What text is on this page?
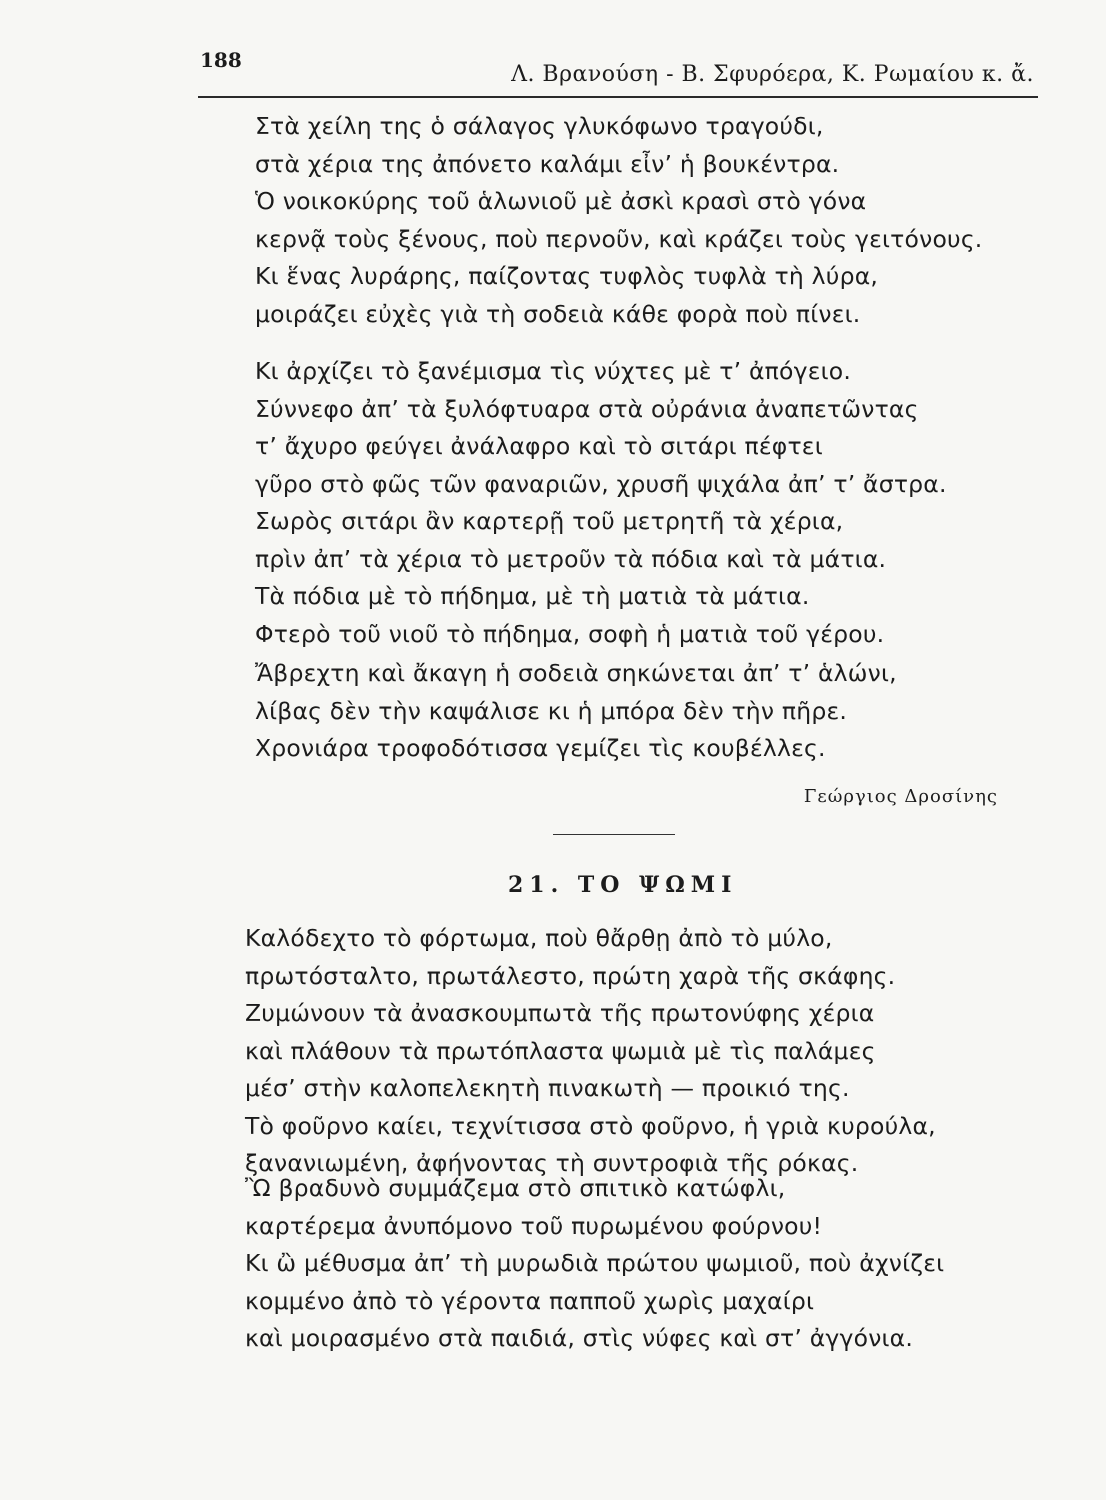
188
Λ. Βρανούση - Β. Σφυρόερα, Κ. Ρωμαίου κ. ἄ.
Στὰ χείλη της ὁ σάλαγος γλυκόφωνο τραγούδι,
στὰ χέρια της ἀπόνετο καλάμι εἶν’ ἡ βουκέντρα.
Ὁ νοικοκύρης τοῦ ἁλωνιοῦ μὲ ἀσκὶ κρασὶ στὸ γόνα
κερνᾷ τοὺς ξένους, ποὺ περνοῦν, καὶ κράζει τοὺς γειτόνους.
Κι ἕνας λυράρης, παίζοντας τυφλὸς τυφλὰ τὴ λύρα,
μοιράζει εὐχὲς γιὰ τὴ σοδειὰ κάθε φορὰ ποὺ πίνει.
Κι ἀρχίζει τὸ ξανέμισμα τὶς νύχτες μὲ τ’ ἀπόγειο.
Σύννεφο ἀπ’ τὰ ξυλόφτυαρα στὰ οὐράνια ἀναπετῶντας
τ’ ἄχυρο φεύγει ἀνάλαφρο καὶ τὸ σιτάρι πέφτει
γῦρο στὸ φῶς τῶν φαναριῶν, χρυσῆ ψιχάλα ἀπ’ τ’ ἄστρα.
Σωρὸς σιτάρι ἂν καρτερῇ τοῦ μετρητῆ τὰ χέρια,
πρὶν ἀπ’ τὰ χέρια τὸ μετροῦν τὰ πόδια καὶ τὰ μάτια.
Τὰ πόδια μὲ τὸ πήδημα, μὲ τὴ ματιὰ τὰ μάτια.
Φτερὸ τοῦ νιοῦ τὸ πήδημα, σοφὴ ἡ ματιὰ τοῦ γέρου.
Ἄβρεχτη καὶ ἄκαγη ἡ σοδειὰ σηκώνεται ἀπ’ τ’ ἁλώνι,
λίβας δὲν τὴν καψάλισε κι ἡ μπόρα δὲν τὴν πῆρε.
Χρονιάρα τροφοδότισσα γεμίζει τὶς κουβέλλες.
Γεώργιος Δροσίνης
21. ΤΟ ΨΩΜΙ
Καλόδεχτο τὸ φόρτωμα, ποὺ θἄρθῃ ἀπὸ τὸ μύλο,
πρωτόσταλτο, πρωτάλεστο, πρώτη χαρὰ τῆς σκάφης.
Ζυμώνουν τὰ ἀνασκουμπωτὰ τῆς πρωτονύφης χέρια
καὶ πλάθουν τὰ πρωτόπλαστα ψωμιὰ μὲ τὶς παλάμες
μέσ’ στὴν καλοπελεκητὴ πινακωτὴ — προικιό της.
Τὸ φοῦρνο καίει, τεχνίτισσα στὸ φοῦρνο, ἡ γριὰ κυρούλα,
ξανανιωμένη, ἀφήνοντας τὴ συντροφιὰ τῆς ρόκας.
Ὢ βραδυνὸ συμμάζεμα στὸ σπιτικὸ κατώφλι,
καρτέρεμα ἀνυπόμονο τοῦ πυρωμένου φούρνου!
Κι ὢ μέθυσμα ἀπ’ τὴ μυρωδιὰ πρώτου ψωμιοῦ, ποὺ ἀχνίζει
κομμένο ἀπὸ τὸ γέροντα παπποῦ χωρὶς μαχαίρι
καὶ μοιρασμένο στὰ παιδιά, στὶς νύφες καὶ στ’ ἀγγόνια.
